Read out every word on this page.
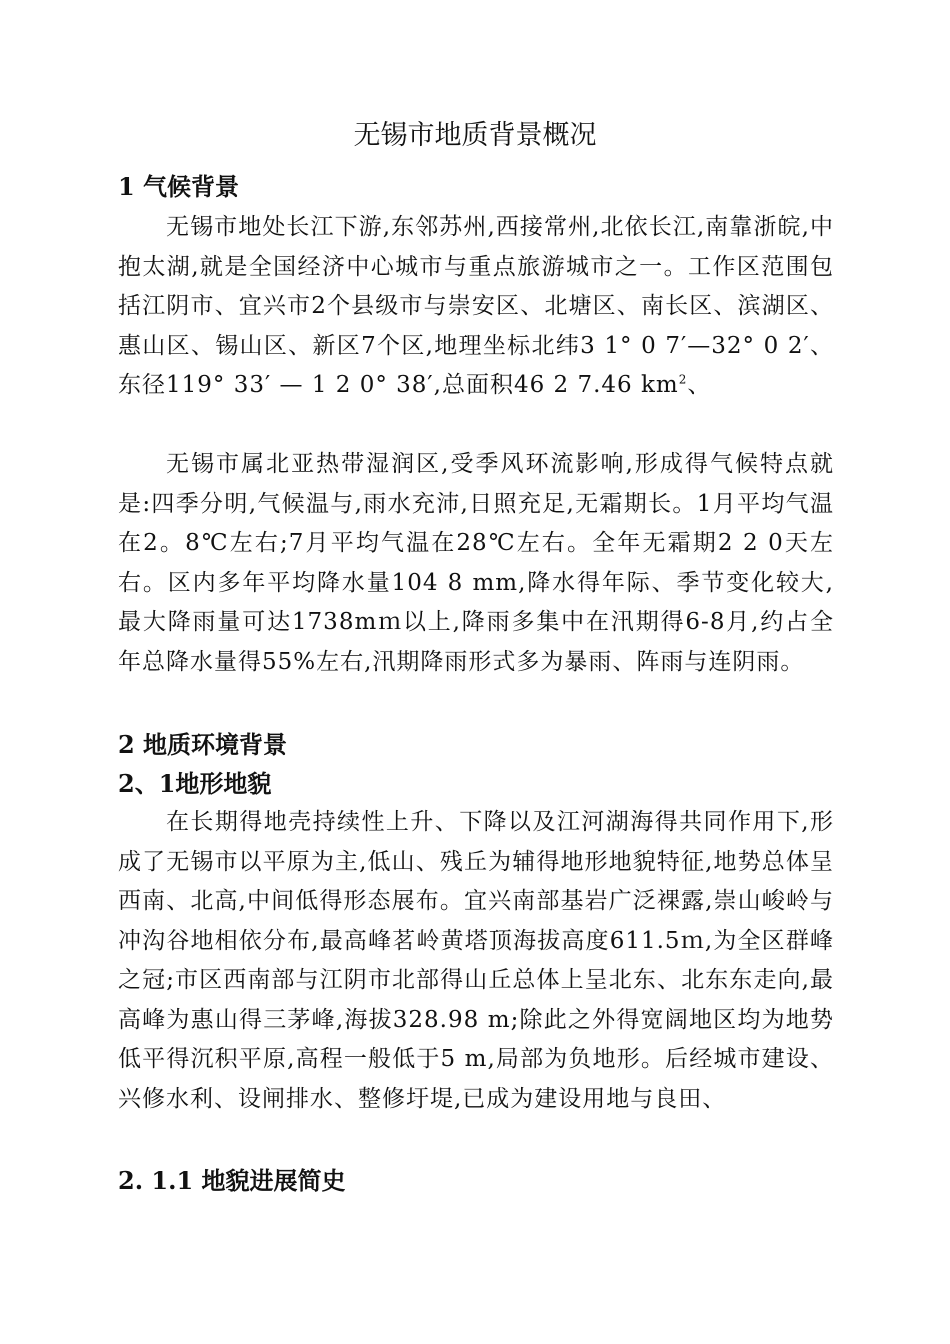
无锡市地质背景概况
1 气候背景

无锡市地处长江下游,东邻苏州,西接常州,北依长江,南靠浙皖,中抱太湖,就是全国经济中心城市与重点旅游城市之一。工作区范围包括江阴市、宜兴市2个县级市与崇安区、北塘区、南长区、滨湖区、惠山区、锡山区、新区7个区,地理坐标北纬3 1° 0 7′—32° 0 2′、东径119° 33′ — 1 2 0° 38′,总面积46 2 7.46 $km^2$、

无锡市属北亚热带湿润区,受季风环流影响,形成得气候特点就是:四季分明,气候温与,雨水充沛,日照充足,无霜期长。1月平均气温在2。8℃左右;7月平均气温在28℃左右。全年无霜期2 2 0天左右。区内多年平均降水量104 8 mm,降水得年际、季节变化较大,最大降雨量可达1738mｍ以上,降雨多集中在汛期得6-8月,约占全年总降水量得55%左右,汛期降雨形式多为暴雨、阵雨与连阴雨。

2 地质环境背景
2、1地形地貌

在长期得地壳持续性上升、下降以及江河湖海得共同作用下,形成了无锡市以平原为主,低山、残丘为辅得地形地貌特征,地势总体呈西南、北高,中间低得形态展布。宜兴南部基岩广泛裸露,崇山峻岭与冲沟谷地相依分布,最高峰茗岭黄塔顶海拔高度611.5ｍ,为全区群峰之冠;市区西南部与江阴市北部得山丘总体上呈北东、北东东走向,最高峰为惠山得三茅峰,海拔328.98 m;除此之外得宽阔地区均为地势低平得沉积平原,高程一般低于5 m,局部为负地形。后经城市建设、兴修水利、设闸排水、整修圩堤,已成为建设用地与良田、

2. 1.1 地貌进展简史
